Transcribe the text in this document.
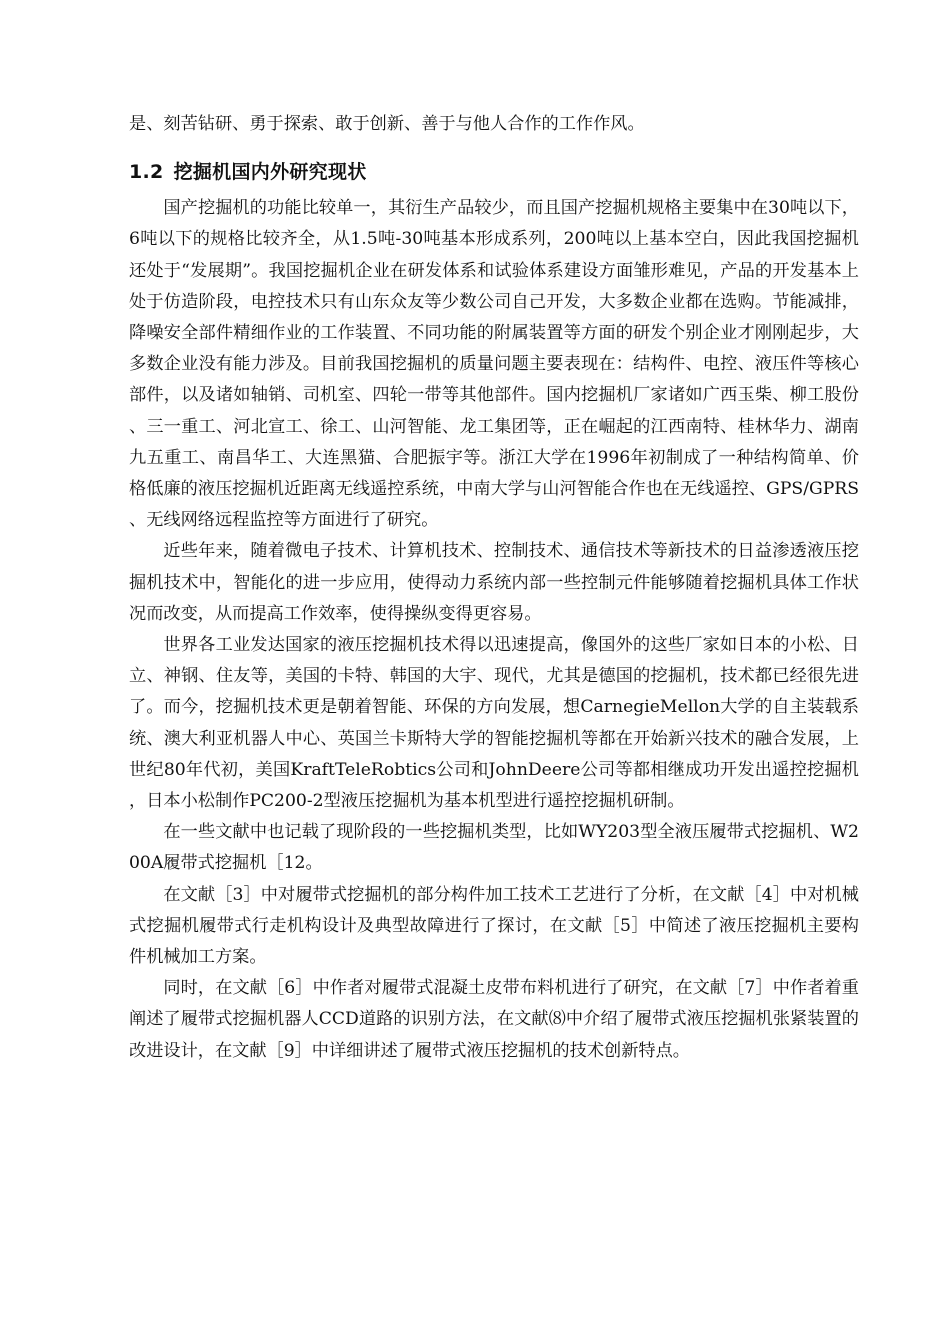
是、刻苦钻研、勇于探索、敢于创新、善于与他人合作的工作作风。

1.2 挖掘机国内外研究现状

国产挖掘机的功能比较单一，其衍生产品较少，而且国产挖掘机规格主要集中在30吨以下，6吨以下的规格比较齐全，从1.5吨-30吨基本形成系列，200吨以上基本空白，因此我国挖掘机还处于“发展期”。我国挖掘机企业在研发体系和试验体系建设方面雏形难见，产品的开发基本上处于仿造阶段，电控技术只有山东众友等少数公司自己开发，大多数企业都在选购。节能减排，降噪安全部件精细作业的工作装置、不同功能的附属装置等方面的研发个别企业才刚刚起步，大多数企业没有能力涉及。目前我国挖掘机的质量问题主要表现在：结构件、电控、液压件等核心部件，以及诸如轴销、司机室、四轮一带等其他部件。国内挖掘机厂家诸如广西玉柴、柳工股份、三一重工、河北宣工、徐工、山河智能、龙工集团等，正在崛起的江西南特、桂林华力、湖南九五重工、南昌华工、大连黑猫、合肥振宇等。浙江大学在1996年初制成了一种结构简单、价格低廉的液压挖掘机近距离无线遥控系统，中南大学与山河智能合作也在无线遥控、GPS/GPRS、无线网络远程监控等方面进行了研究。

近些年来，随着微电子技术、计算机技术、控制技术、通信技术等新技术的日益渗透液压挖掘机技术中，智能化的进一步应用，使得动力系统内部一些控制元件能够随着挖掘机具体工作状况而改变，从而提高工作效率，使得操纵变得更容易。

世界各工业发达国家的液压挖掘机技术得以迅速提高，像国外的这些厂家如日本的小松、日立、神钢、住友等，美国的卡特、韩国的大宇、现代，尤其是德国的挖掘机，技术都已经很先进了。而今，挖掘机技术更是朝着智能、环保的方向发展，想CarnegieMellon大学的自主装载系统、澳大利亚机器人中心、英国兰卡斯特大学的智能挖掘机等都在开始新兴技术的融合发展，上世纪80年代初，美国KraftTeleRobtics公司和JohnDeere公司等都相继成功开发出遥控挖掘机，日本小松制作PC200-2型液压挖掘机为基本机型进行遥控挖掘机研制。

在一些文献中也记载了现阶段的一些挖掘机类型，比如WY203型全液压履带式挖掘机、W200A履带式挖掘机［12。

在文献［3］中对履带式挖掘机的部分构件加工技术工艺进行了分析，在文献［4］中对机械式挖掘机履带式行走机构设计及典型故障进行了探讨，在文献［5］中简述了液压挖掘机主要构件机械加工方案。

同时，在文献［6］中作者对履带式混凝土皮带布料机进行了研究，在文献［7］中作者着重阐述了履带式挖掘机器人CCD道路的识别方法，在文献⑻中介绍了履带式液压挖掘机张紧装置的改进设计，在文献［9］中详细讲述了履带式液压挖掘机的技术创新特点。
